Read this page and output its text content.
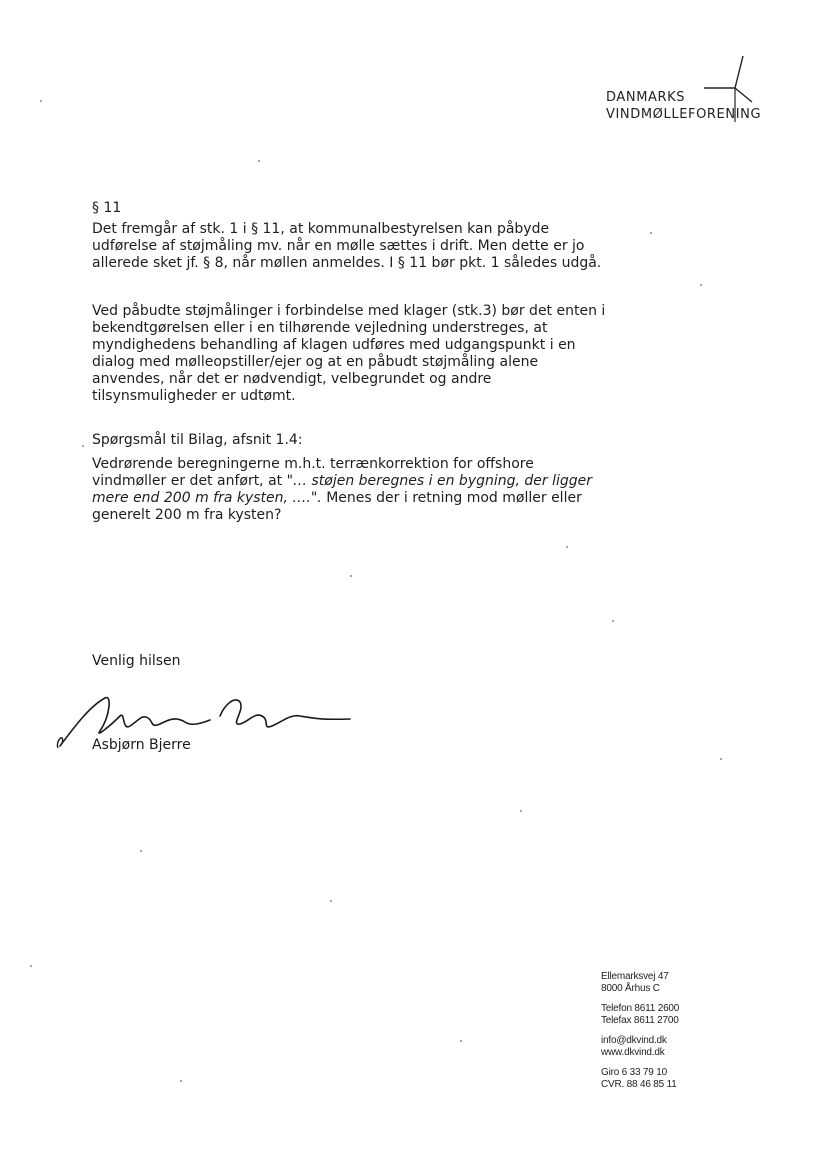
DANMARKS
VINDMØLLEFORENING
§ 11

Det fremgår af stk. 1 i § 11, at kommunalbestyrelsen kan påbyde udførelse af støjmåling mv. når en mølle sættes i drift. Men dette er jo allerede sket jf. § 8, når møllen anmeldes. I § 11 bør pkt. 1 således udgå.

Ved påbudte støjmålinger i forbindelse med klager (stk.3) bør det enten i bekendtgørelsen eller i en tilhørende vejledning understreges, at myndighedens behandling af klagen udføres med udgangspunkt i en dialog med mølleopstiller/ejer og at en påbudt støjmåling alene anvendes, når det er nødvendigt, velbegrundet og andre tilsynsmuligheder er udtømt.

Spørgsmål til Bilag, afsnit 1.4:

Vedrørende beregningerne m.h.t. terrænkorrektion for offshore vindmøller er det anført, at "… støjen beregnes i en bygning, der ligger mere end 200 m fra kysten, ….". Menes der i retning mod møller eller generelt 200 m fra kysten?

Venlig hilsen
Asbjørn Bjerre
Ellemarksvej 47
8000 Århus C
Telefon 8611 2600
Telefax 8611 2700
info@dkvind.dk
www.dkvind.dk
Giro 6 33 79 10
CVR. 88 46 85 11
